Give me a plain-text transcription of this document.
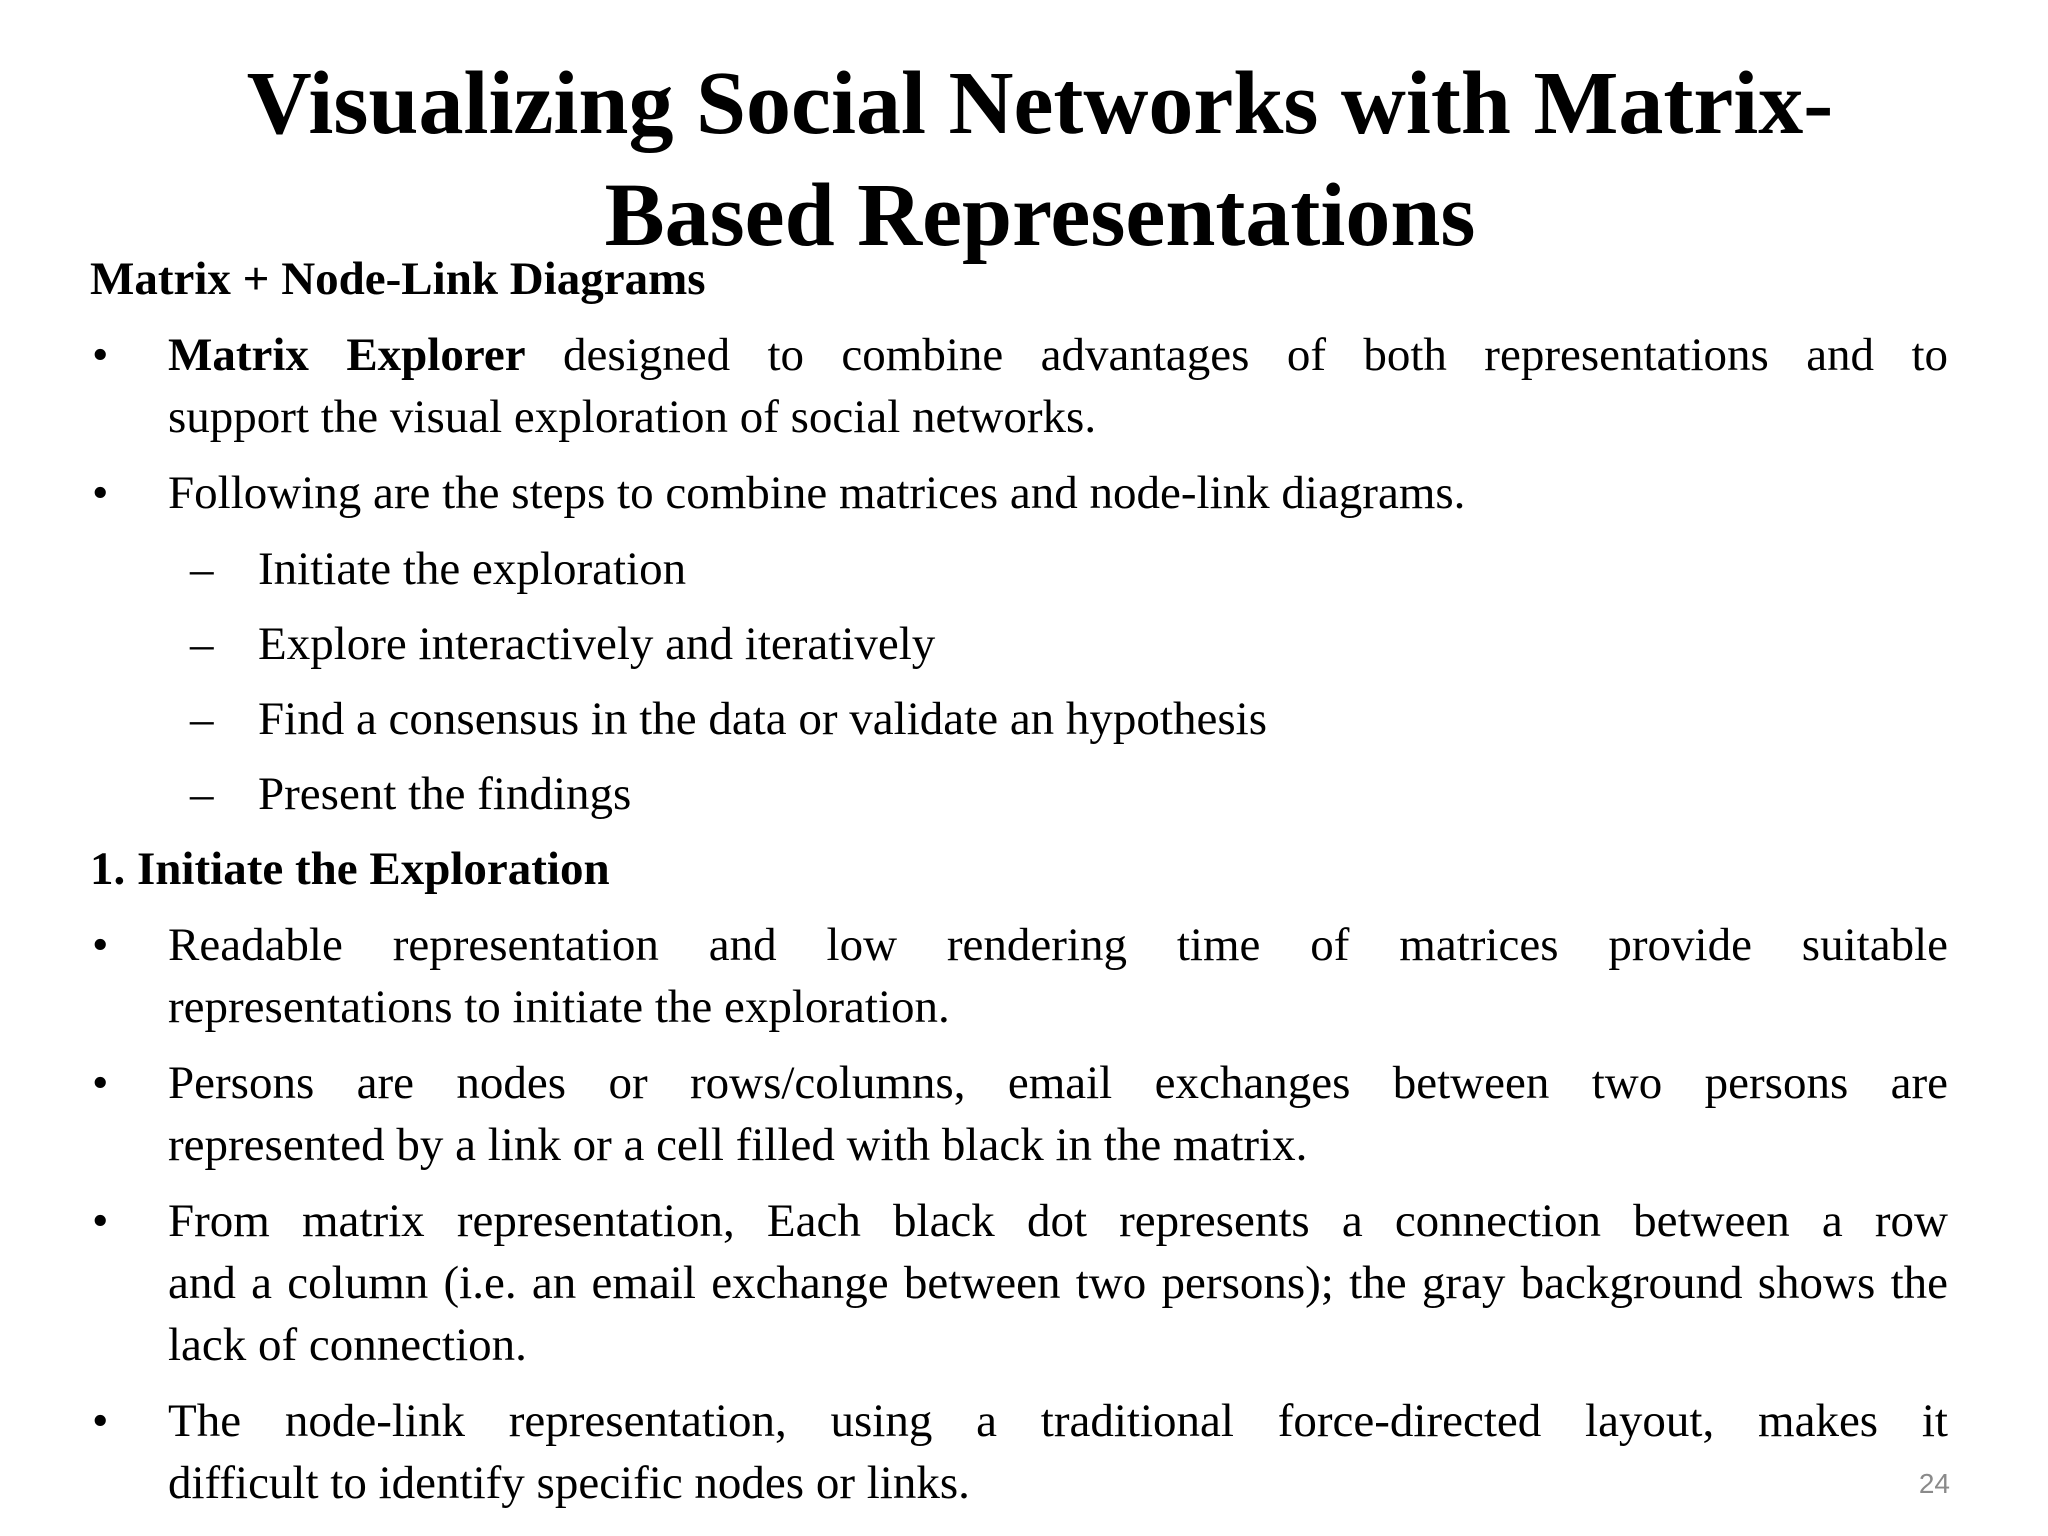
Visualizing Social Networks with Matrix-
Based Representations
Matrix + Node-Link Diagrams
•	Matrix Explorer designed to combine advantages of both representations and to
support the visual exploration of social networks.
•	Following are the steps to combine matrices and node-link diagrams.
– Initiate the exploration
– Explore interactively and iteratively
– Find a consensus in the data or validate an hypothesis
– Present the findings
1. Initiate the Exploration
•	Readable representation and low rendering time of matrices provide suitable
representations to initiate the exploration.
•	Persons are nodes or rows/columns, email exchanges between two persons are
represented by a link or a cell filled with black in the matrix.
•	From matrix representation, Each black dot represents a connection between a row
and a column (i.e. an email exchange between two persons); the gray background shows the lack of connection.
•	The node-link representation, using a traditional force-directed layout, makes it
difficult to identify specific nodes or links.	24
